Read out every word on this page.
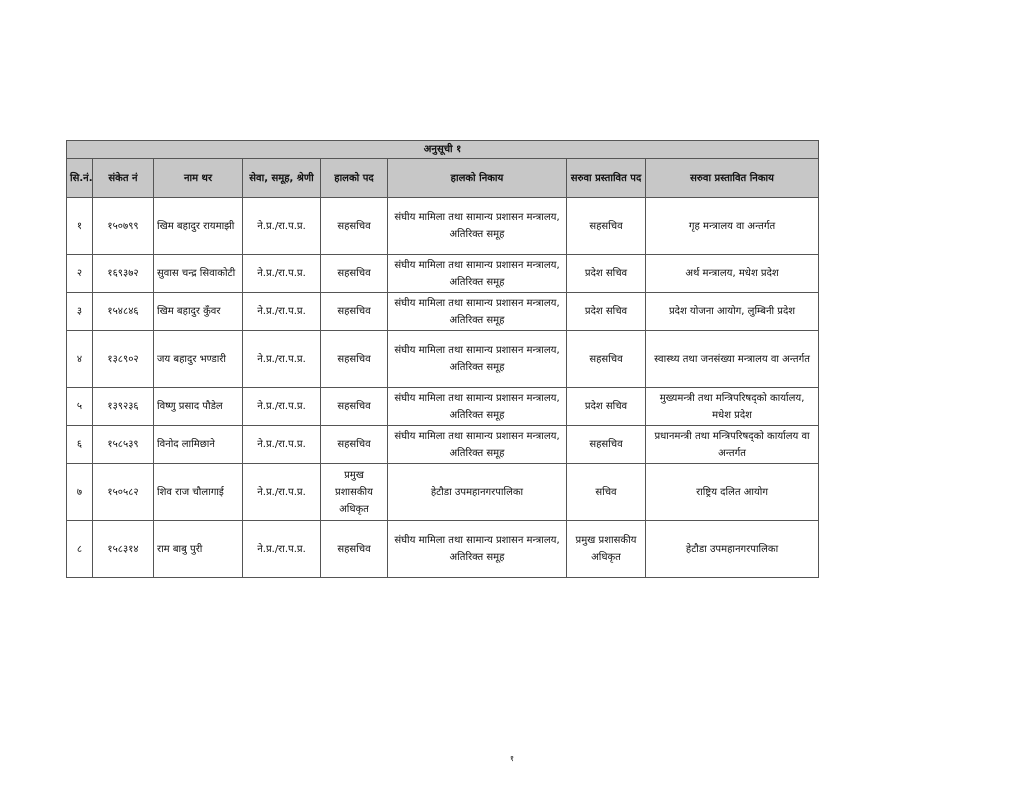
अनुसूची १							
सि.नं.	संकेत नं	नाम थर	सेवा, समूह, श्रेणी	हालको पद	हालको निकाय	सरुवा प्रस्तावित पद	सरुवा प्रस्तावित निकाय
१	१५०७९९	खिम बहादुर रायमाझी	ने.प्र./रा.प.प्र.	सहसचिव	संघीय मामिला तथा सामान्य प्रशासन मन्त्रालय, अतिरिक्त समूह	सहसचिव	गृह मन्त्रालय वा अन्तर्गत
२	१६९३७२	सुवास चन्द्र सिवाकोटी	ने.प्र./रा.प.प्र.	सहसचिव	संघीय मामिला तथा सामान्य प्रशासन मन्त्रालय, अतिरिक्त समूह	प्रदेश सचिव	अर्थ मन्त्रालय, मधेश प्रदेश
३	१५४८४६	खिम बहादुर कुँवर	ने.प्र./रा.प.प्र.	सहसचिव	संघीय मामिला तथा सामान्य प्रशासन मन्त्रालय, अतिरिक्त समूह	प्रदेश सचिव	प्रदेश योजना आयोग, लुम्बिनी प्रदेश
४	१३८९०२	जय बहादुर भण्डारी	ने.प्र./रा.प.प्र.	सहसचिव	संघीय मामिला तथा सामान्य प्रशासन मन्त्रालय, अतिरिक्त समूह	सहसचिव	स्वास्थ्य तथा जनसंख्या मन्त्रालय वा अन्तर्गत
५	१३९२३६	विष्णु प्रसाद पौडेल	ने.प्र./रा.प.प्र.	सहसचिव	संघीय मामिला तथा सामान्य प्रशासन मन्त्रालय, अतिरिक्त समूह	प्रदेश सचिव	मुख्यमन्त्री तथा मन्त्रिपरिषद्को कार्यालय, मधेश प्रदेश
६	१५८५३९	विनोद लामिछाने	ने.प्र./रा.प.प्र.	सहसचिव	संघीय मामिला तथा सामान्य प्रशासन मन्त्रालय, अतिरिक्त समूह	सहसचिव	प्रधानमन्त्री तथा मन्त्रिपरिषद्को कार्यालय वा अन्तर्गत
७	१५०५८२	शिव राज चौलागाई	ने.प्र./रा.प.प्र.	प्रमुख प्रशासकीय अधिकृत	हेटौडा उपमहानगरपालिका	सचिव	राष्ट्रिय दलित आयोग
८	१५८३१४	राम बाबु पुरी	ने.प्र./रा.प.प्र.	सहसचिव	संघीय मामिला तथा सामान्य प्रशासन मन्त्रालय, अतिरिक्त समूह	प्रमुख प्रशासकीय अधिकृत	हेटौडा उपमहानगरपालिका
१
